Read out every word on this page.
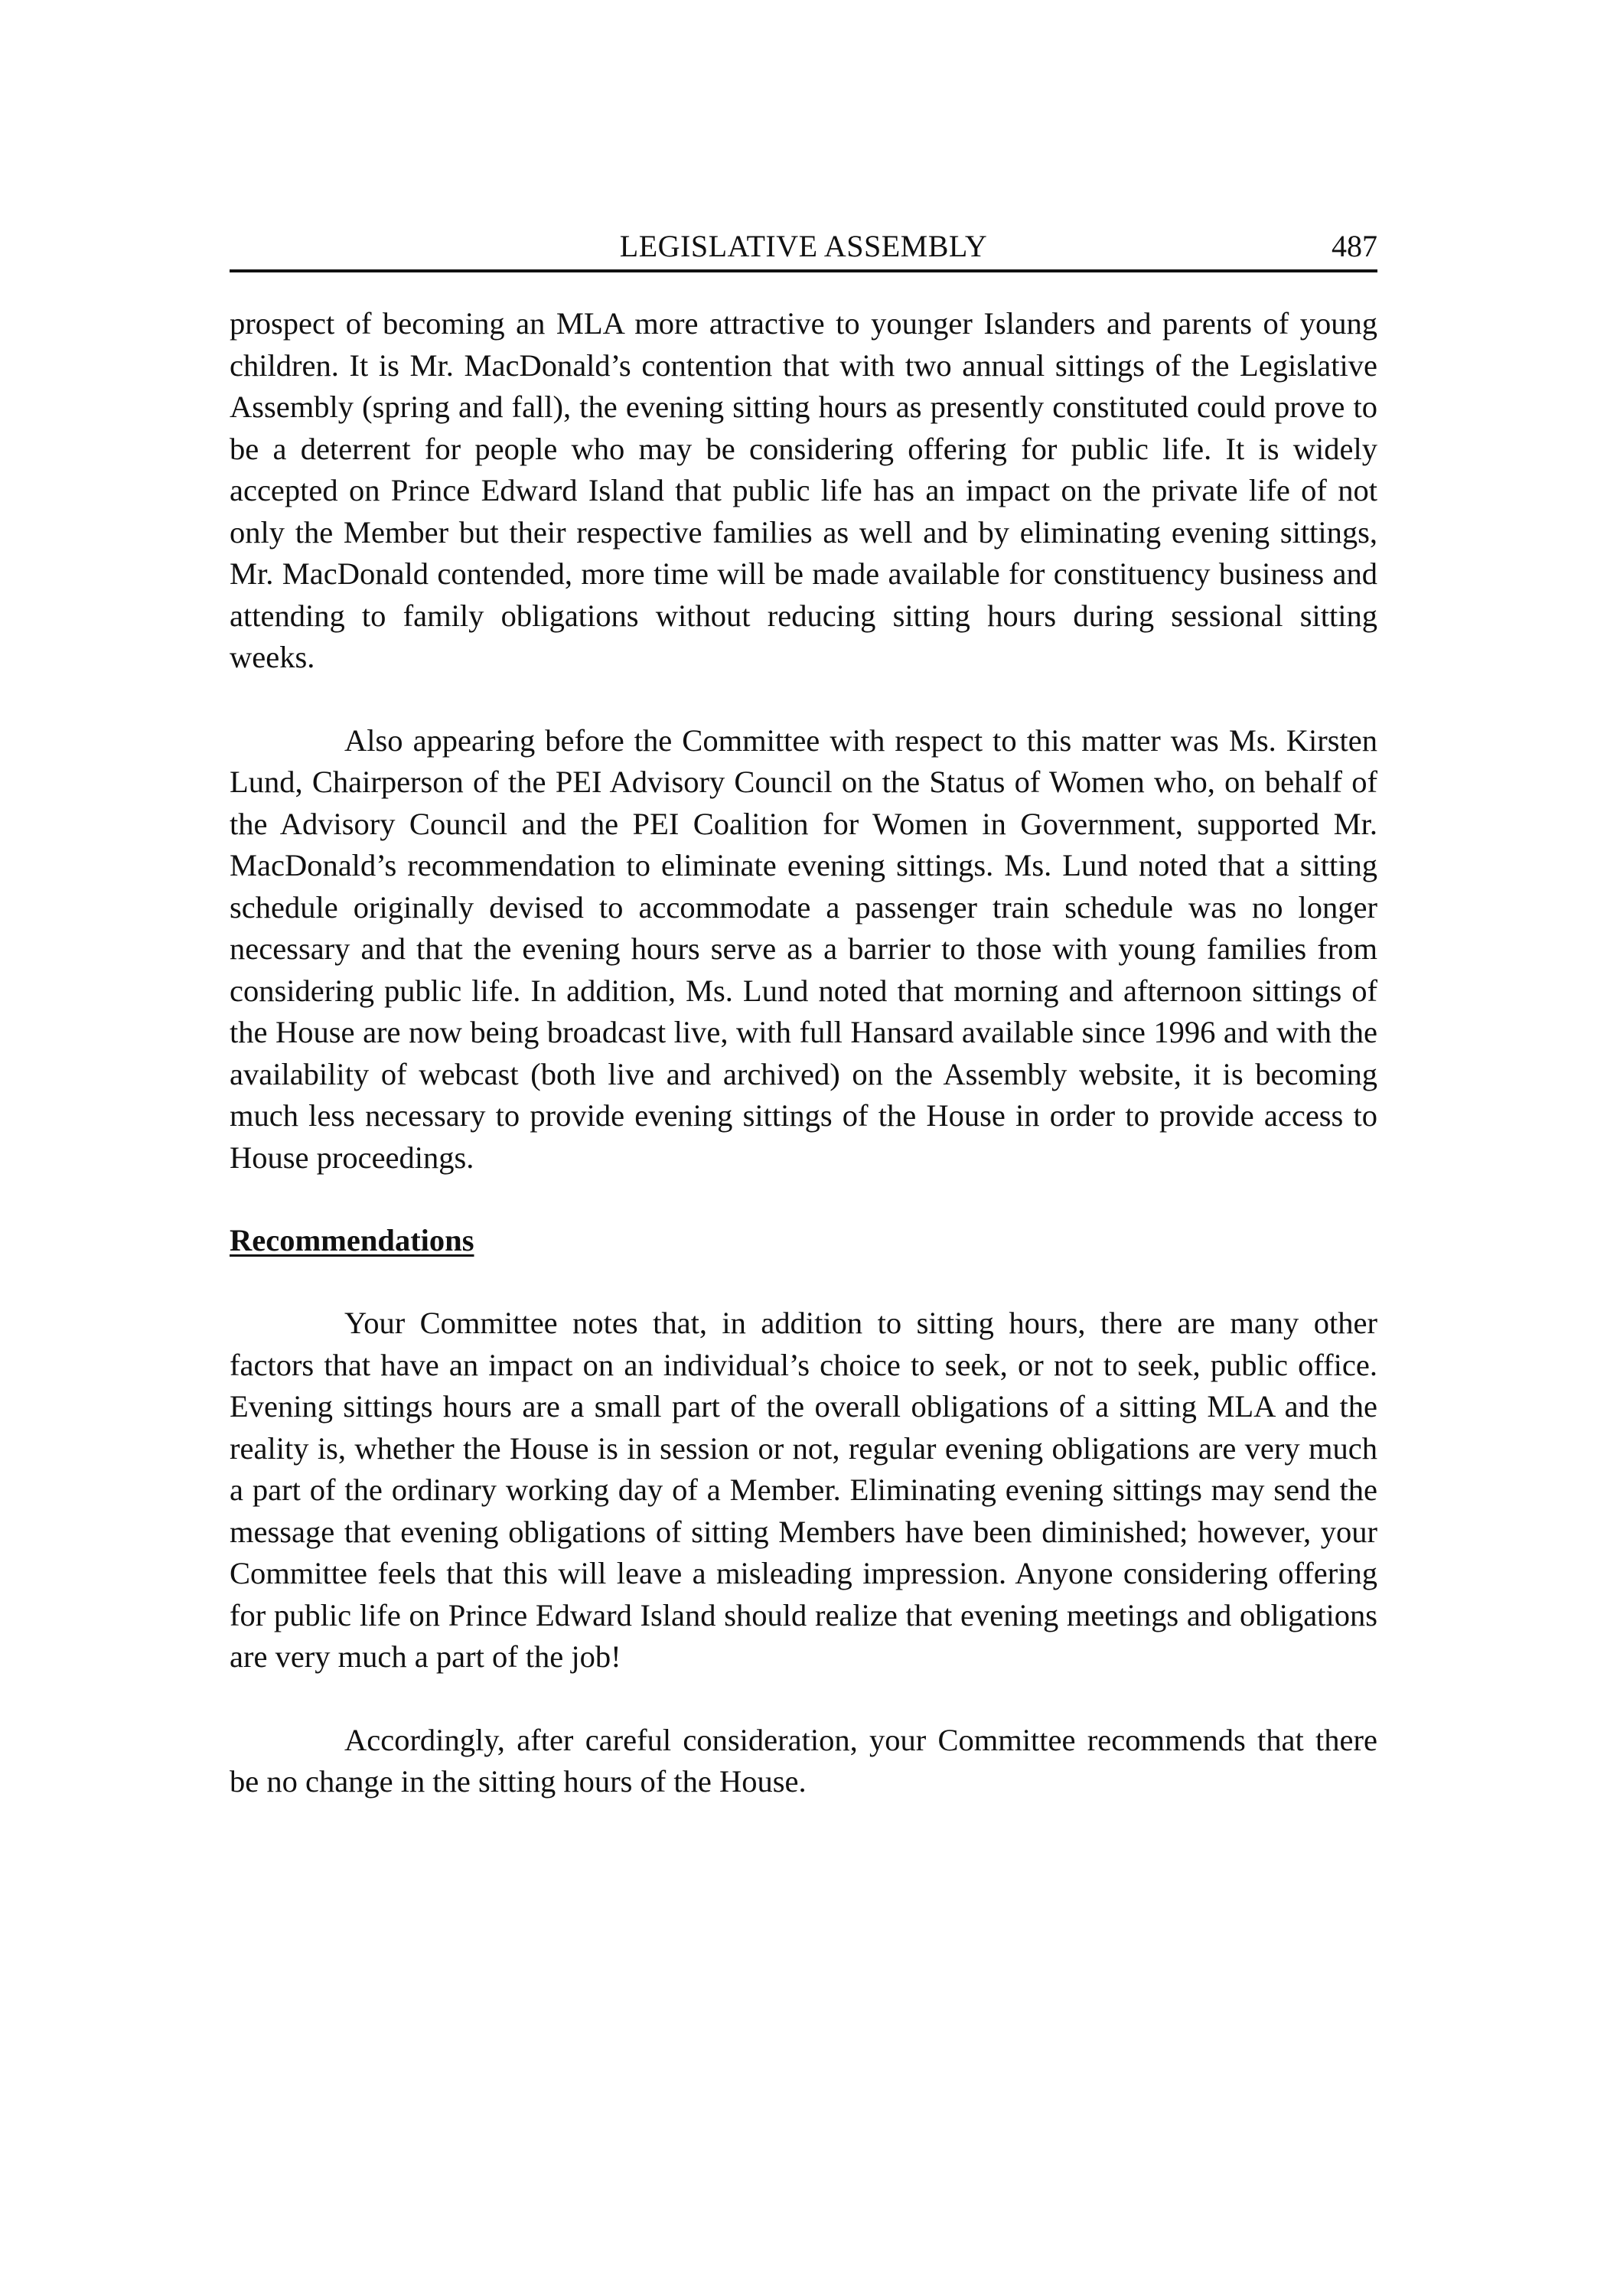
LEGISLATIVE ASSEMBLY	487

prospect of becoming an MLA more attractive to younger Islanders and parents of young children. It is Mr. MacDonald’s contention that with two annual sittings of the Legislative Assembly (spring and fall), the evening sitting hours as presently constituted could prove to be a deterrent for people who may be considering offering for public life. It is widely accepted on Prince Edward Island that public life has an impact on the private life of not only the Member but their respective families as well and by eliminating evening sittings, Mr. MacDonald contended, more time will be made available for constituency business and attending to family obligations without reducing sitting hours during sessional sitting weeks.

Also appearing before the Committee with respect to this matter was Ms. Kirsten Lund, Chairperson of the PEI Advisory Council on the Status of Women who, on behalf of the Advisory Council and the PEI Coalition for Women in Government, supported Mr. MacDonald’s recommendation to eliminate evening sittings. Ms. Lund noted that a sitting schedule originally devised to accommodate a passenger train schedule was no longer necessary and that the evening hours serve as a barrier to those with young families from considering public life. In addition, Ms. Lund noted that morning and afternoon sittings of the House are now being broadcast live, with full Hansard available since 1996 and with the availability of webcast (both live and archived) on the Assembly website, it is becoming much less necessary to provide evening sittings of the House in order to provide access to House proceedings.

Recommendations

Your Committee notes that, in addition to sitting hours, there are many other factors that have an impact on an individual’s choice to seek, or not to seek, public office. Evening sittings hours are a small part of the overall obligations of a sitting MLA and the reality is, whether the House is in session or not, regular evening obligations are very much a part of the ordinary working day of a Member. Eliminating evening sittings may send the message that evening obligations of sitting Members have been diminished; however, your Committee feels that this will leave a misleading impression. Anyone considering offering for public life on Prince Edward Island should realize that evening meetings and obligations are very much a part of the job!

Accordingly, after careful consideration, your Committee recommends that there be no change in the sitting hours of the House.
